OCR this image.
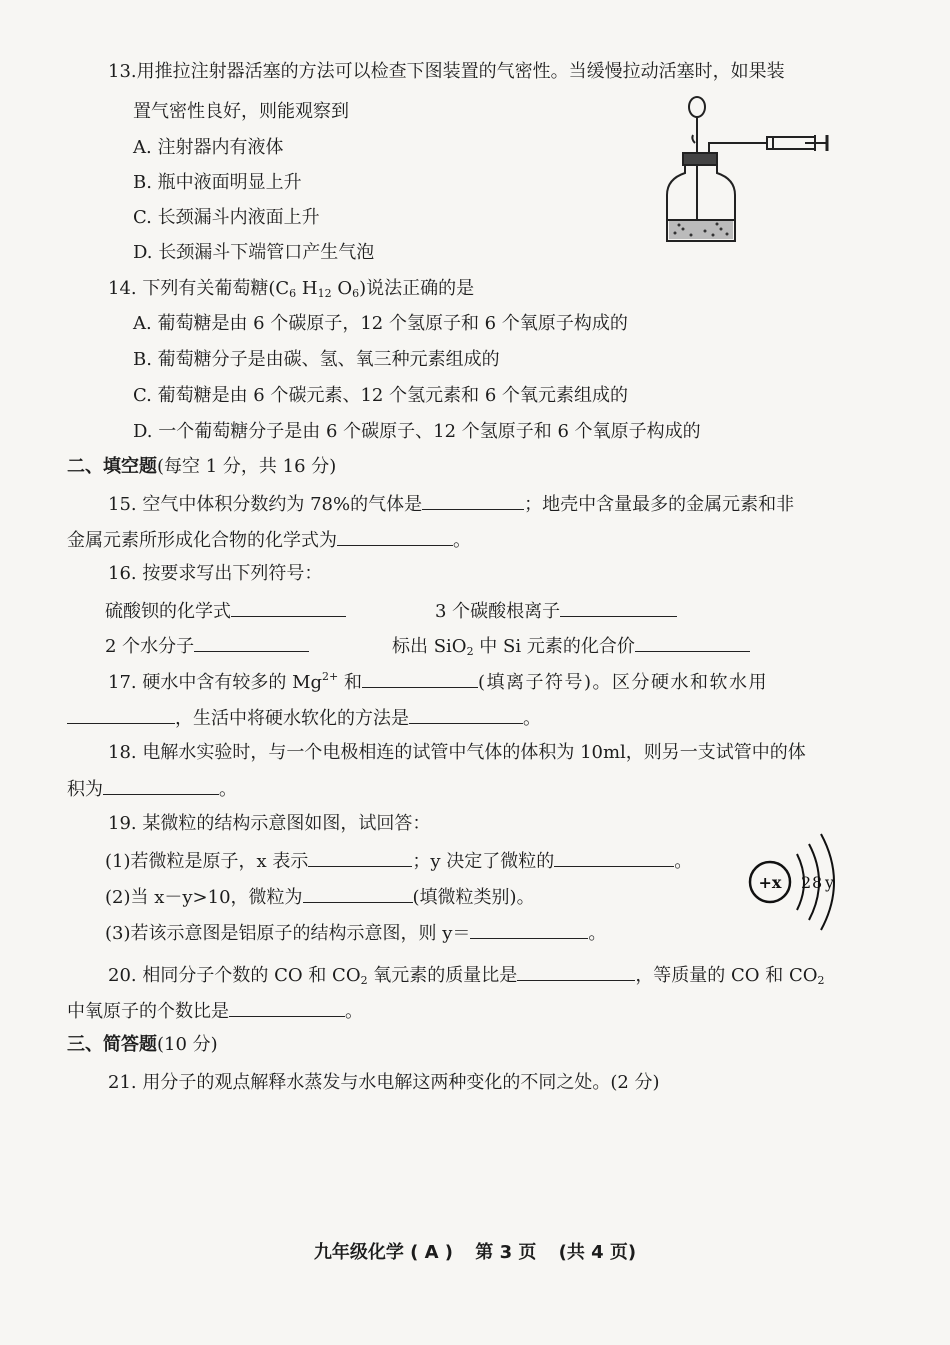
13.用推拉注射器活塞的方法可以检查下图装置的气密性。当缓慢拉动活塞时，如果装
置气密性良好，则能观察到
A. 注射器内有液体
B. 瓶中液面明显上升
C. 长颈漏斗内液面上升
D. 长颈漏斗下端管口产生气泡
14. 下列有关葡萄糖($C_6$ $H_{12}$ $O_6$)说法正确的是
A. 葡萄糖是由 6 个碳原子，12 个氢原子和 6 个氧原子构成的
B. 葡萄糖分子是由碳、氢、氧三种元素组成的
C. 葡萄糖是由 6 个碳元素、12 个氢元素和 6 个氧元素组成的
D. 一个葡萄糖分子是由 6 个碳原子、12 个氢原子和 6 个氧原子构成的
二、填空题(每空 1 分，共 16 分)
15. 空气中体积分数约为 78%的气体是	；地壳中含量最多的金属元素和非
金属元素所形成化合物的化学式为	。
16. 按要求写出下列符号：
硫酸钡的化学式	3 个碳酸根离子
2 个水分子	标出 SiO$_2$ 中 Si 元素的化合价
17. 硬水中含有较多的 $Mg^{2+}$ 和	(填离子符号)。区分硬水和软水用
，生活中将硬水软化的方法是	。
18. 电解水实验时，与一个电极相连的试管中气体的体积为 10ml，则另一支试管中的体
积为	。
19. 某微粒的结构示意图如图，试回答：
(1)若微粒是原子，x 表示	；y 决定了微粒的	。
(2)当 x－y>10，微粒为	(填微粒类别)。
(3)若该示意图是铝原子的结构示意图，则 y＝	。
+x 2 8 y
20. 相同分子个数的 CO 和 $CO_2$ 氧元素的质量比是	，等质量的 CO 和 $CO_2$
中氧原子的个数比是	。
三、简答题(10 分)
21. 用分子的观点解释水蒸发与水电解这两种变化的不同之处。(2 分)
九年级化学 ( A ) 第 3 页 (共 4 页)
